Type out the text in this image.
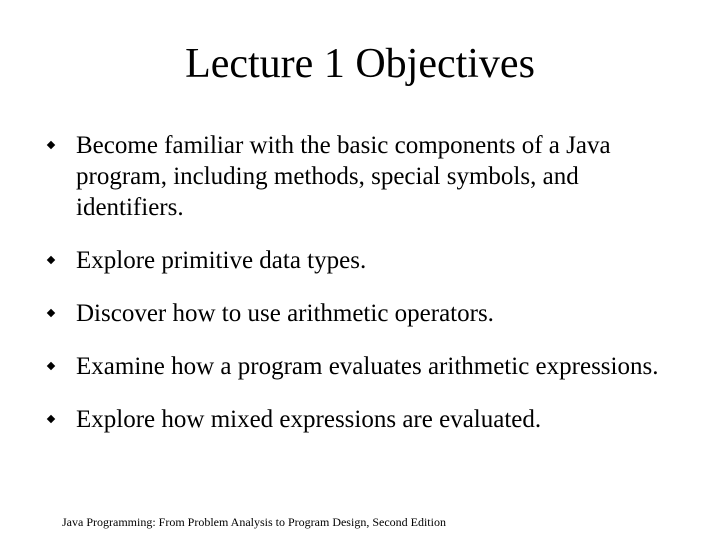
Lecture 1 Objectives
Become familiar with the basic components of a Java program, including methods, special symbols, and identifiers.
Explore primitive data types.
Discover how to use arithmetic operators.
Examine how a program evaluates arithmetic expressions.
Explore how mixed expressions are evaluated.
Java Programming: From Problem Analysis to Program Design, Second Edition
